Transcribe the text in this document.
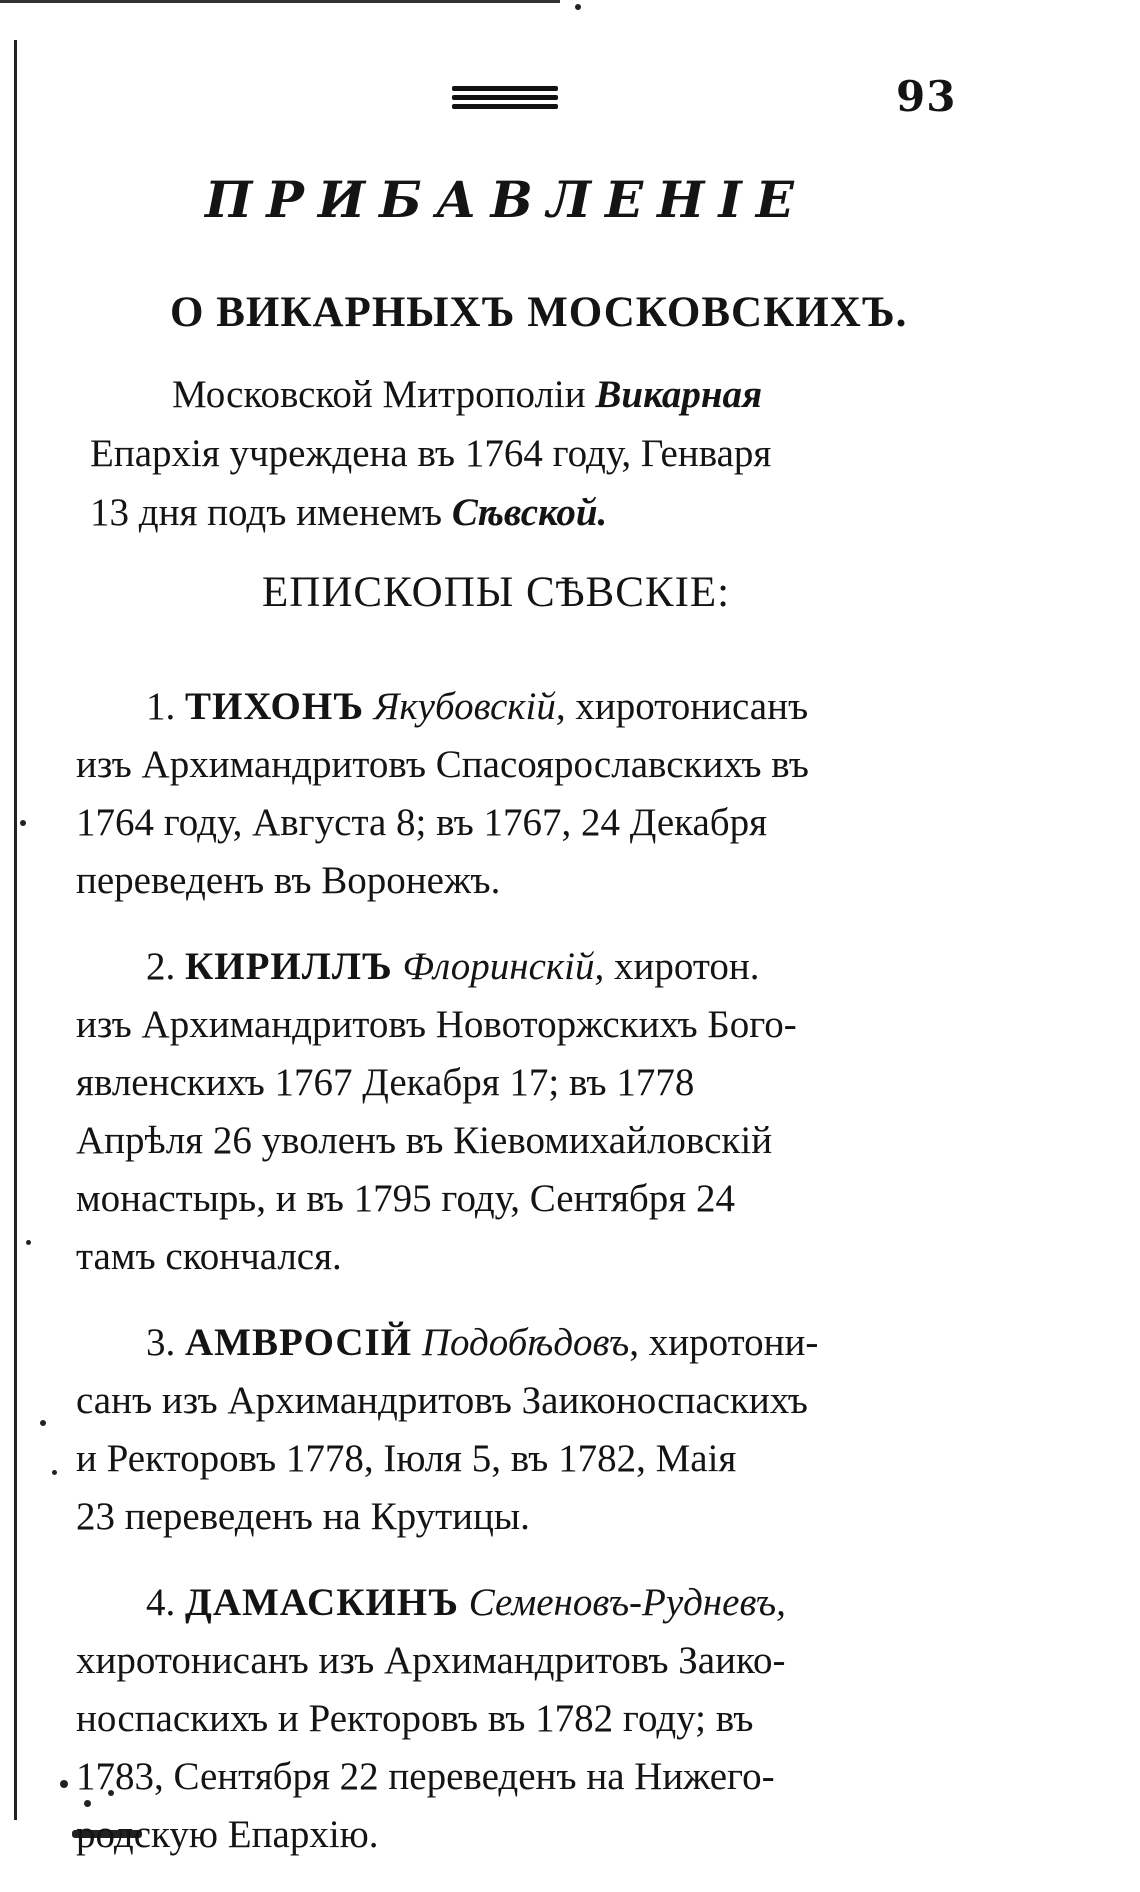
93
ПРИБАВЛЕНІЕ
О ВИКАРНЫХЪ МОСКОВСКИХЪ.
Московской Митрополіи Викарная
Епархія учреждена въ 1764 году, Генваря
13 дня подъ именемъ Сѣвской.
ЕПИСКОПЫ СѢВСКІЕ:
1. ТИХОНЪ Якубовскій, хиротонисанъ
изъ Архимандритовъ Спасоярославскихъ въ
1764 году, Августа 8; въ 1767, 24 Декабря
переведенъ въ Воронежъ.
2. КИРИЛЛЪ Флоринскій, хиротон.
изъ Архимандритовъ Новоторжскихъ Бого-
явленскихъ 1767 Декабря 17; въ 1778
Апрѣля 26 уволенъ въ Кіевомихайловскій
монастырь, и въ 1795 году, Сентября 24
тамъ скончался.
3. АМВРОСІЙ Подобѣдовъ, хиротони-
санъ изъ Архимандритовъ Заиконоспаскихъ
и Ректоровъ 1778, Іюля 5, въ 1782, Маія
23 переведенъ на Крутицы.
4. ДАМАСКИНЪ Семеновъ-Рудневъ,
хиротонисанъ изъ Архимандритовъ Заико-
носпаскихъ и Ректоровъ въ 1782 году; въ
1783, Сентября 22 переведенъ на Нижего-
родскую Епархію.
